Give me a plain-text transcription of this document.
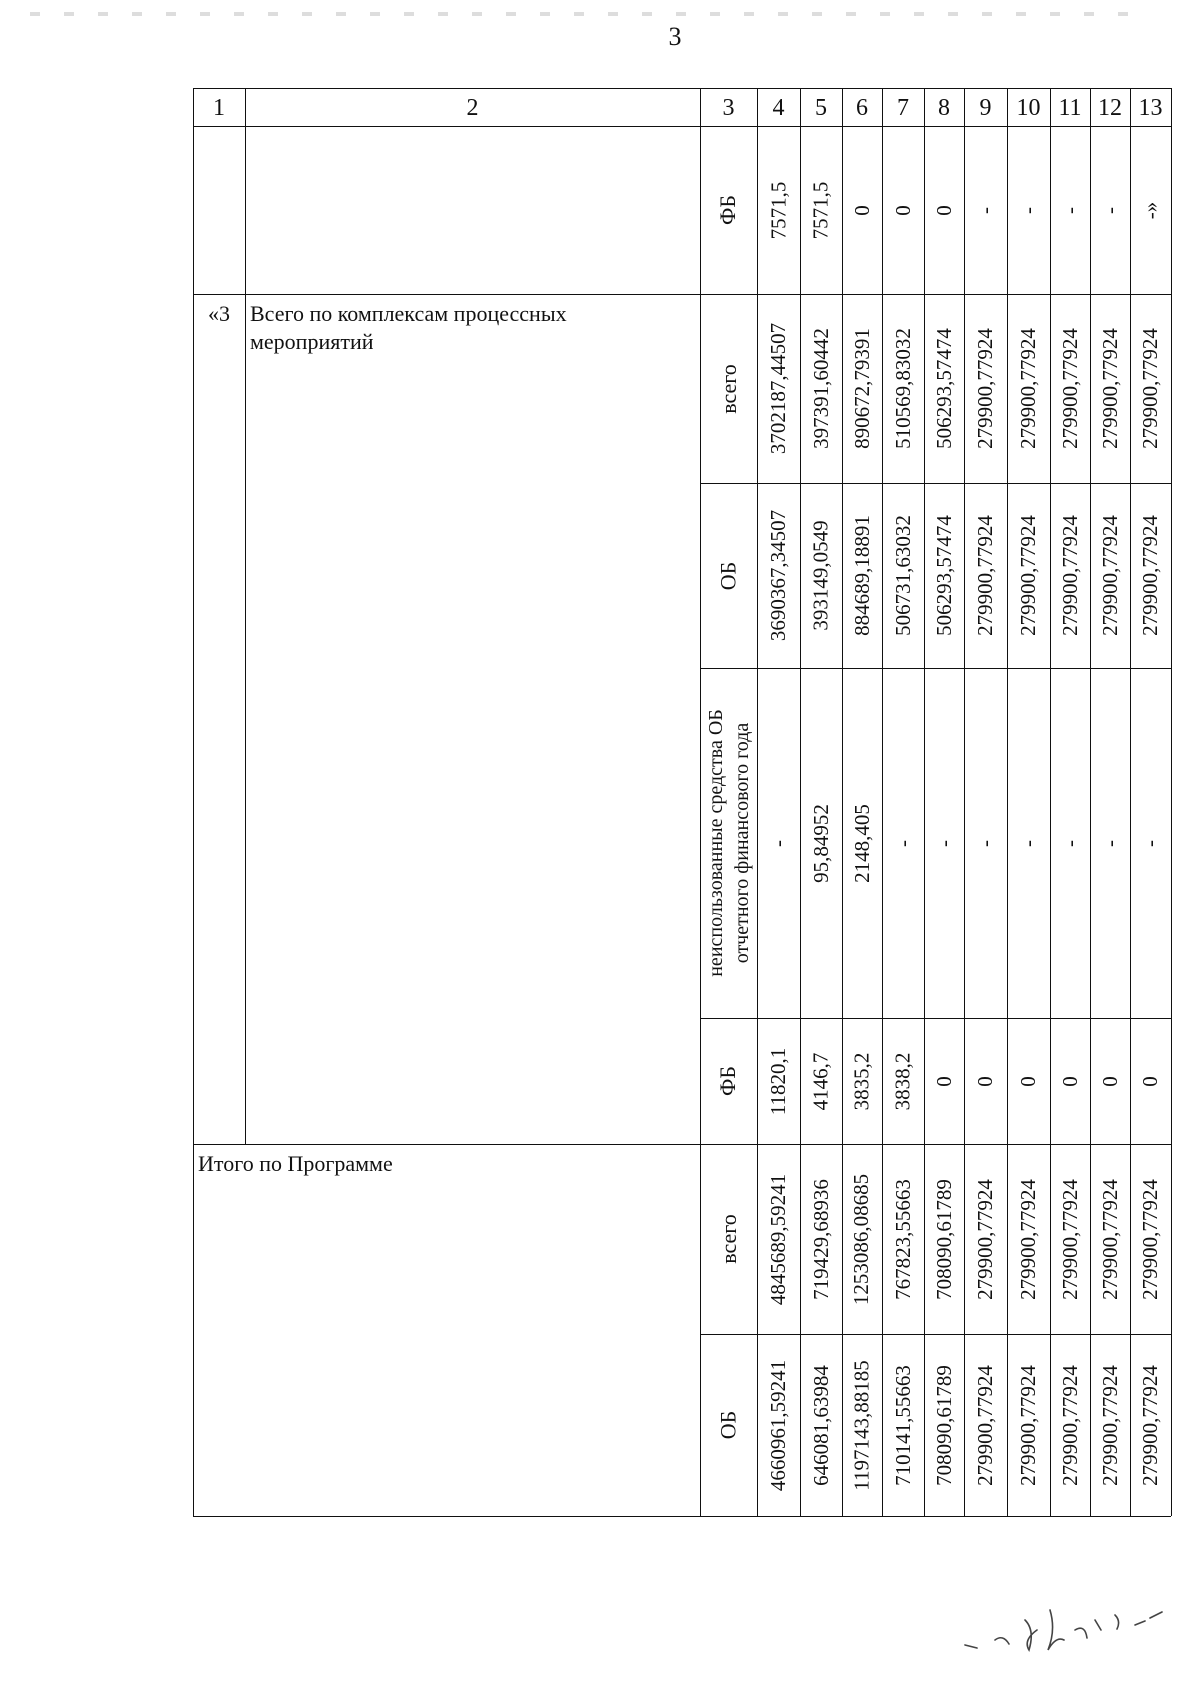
3
1	2	3	4	5	6	7	8	9	10 11 12 13
ФБ 7571,5 7571,5 0 0 0 - - - - -»
«3 Всего по комплексам процессных мероприятий
всего 3702187,44507 397391,60442 890672,79391 510569,83032 506293,57474 279900,77924 279900,77924 279900,77924 279900,77924 279900,77924
ОБ 3690367,34507 393149,0549 884689,18891 506731,63032 506293,57474 279900,77924 279900,77924 279900,77924 279900,77924 279900,77924
неиспользованные средства ОБ отчетного финансового года - 95,84952 2148,405 - - - - - - -
ФБ 11820,1 4146,7 3835,2 3838,2 0 0 0 0 0 0
Итого по Программе
всего 4845689,59241 719429,68936 1253086,08685 767823,55663 708090,61789 279900,77924 279900,77924 279900,77924 279900,77924 279900,77924
ОБ 4660961,59241 646081,63984 1197143,88185 710141,55663 708090,61789 279900,77924 279900,77924 279900,77924 279900,77924 279900,77924
